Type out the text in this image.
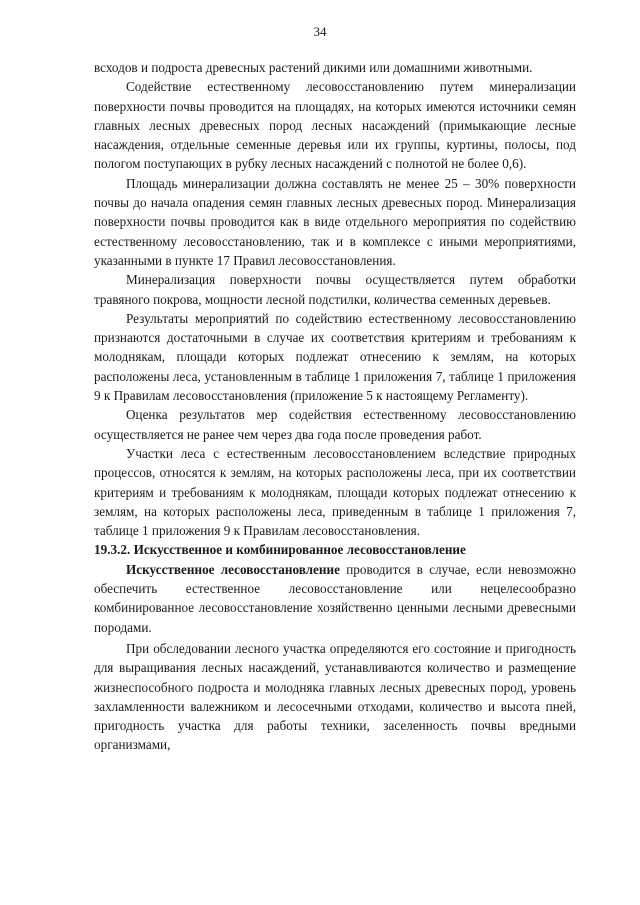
34

всходов и подроста древесных растений дикими или домашними животными.

Содействие естественному лесовосстановлению путем минерализации поверхности почвы проводится на площадях, на которых имеются источники семян главных лесных древесных пород лесных насаждений (примыкающие лесные насаждения, отдельные семенные деревья или их группы, куртины, полосы, под пологом поступающих в рубку лесных насаждений с полнотой не более 0,6).

Площадь минерализации должна составлять не менее 25 – 30% поверхности почвы до начала опадения семян главных лесных древесных пород. Минерализация поверхности почвы проводится как в виде отдельного мероприятия по содействию естественному лесовосстановлению, так и в комплексе с иными мероприятиями, указанными в пункте 17 Правил лесовосстановления.

Минерализация поверхности почвы осуществляется путем обработки травяного покрова, мощности лесной подстилки, количества семенных деревьев.

Результаты мероприятий по содействию естественному лесовосстановлению признаются достаточными в случае их соответствия критериям и требованиям к молоднякам, площади которых подлежат отнесению к землям, на которых расположены леса, установленным в таблице 1 приложения 7, таблице 1 приложения 9 к Правилам лесовосстановления (приложение 5 к настоящему Регламенту).

Оценка результатов мер содействия естественному лесовосстановлению осуществляется не ранее чем через два года после проведения работ.

Участки леса с естественным лесовосстановлением вследствие природных процессов, относятся к землям, на которых расположены леса, при их соответствии критериям и требованиям к молоднякам, площади которых подлежат отнесению к землям, на которых расположены леса, приведенным в таблице 1 приложения 7, таблице 1 приложения 9 к Правилам лесовосстановления.

19.3.2. Искусственное и комбинированное лесовосстановление

Искусственное лесовосстановление проводится в случае, если невозможно обеспечить естественное лесовосстановление или нецелесообразно комбинированное лесовосстановление хозяйственно ценными лесными древесными породами.

При обследовании лесного участка определяются его состояние и пригодность для выращивания лесных насаждений, устанавливаются количество и размещение жизнеспособного подроста и молодняка главных лесных древесных пород, уровень захламленности валежником и лесосечными отходами, количество и высота пней, пригодность участка для работы техники, заселенность почвы вредными организмами,
